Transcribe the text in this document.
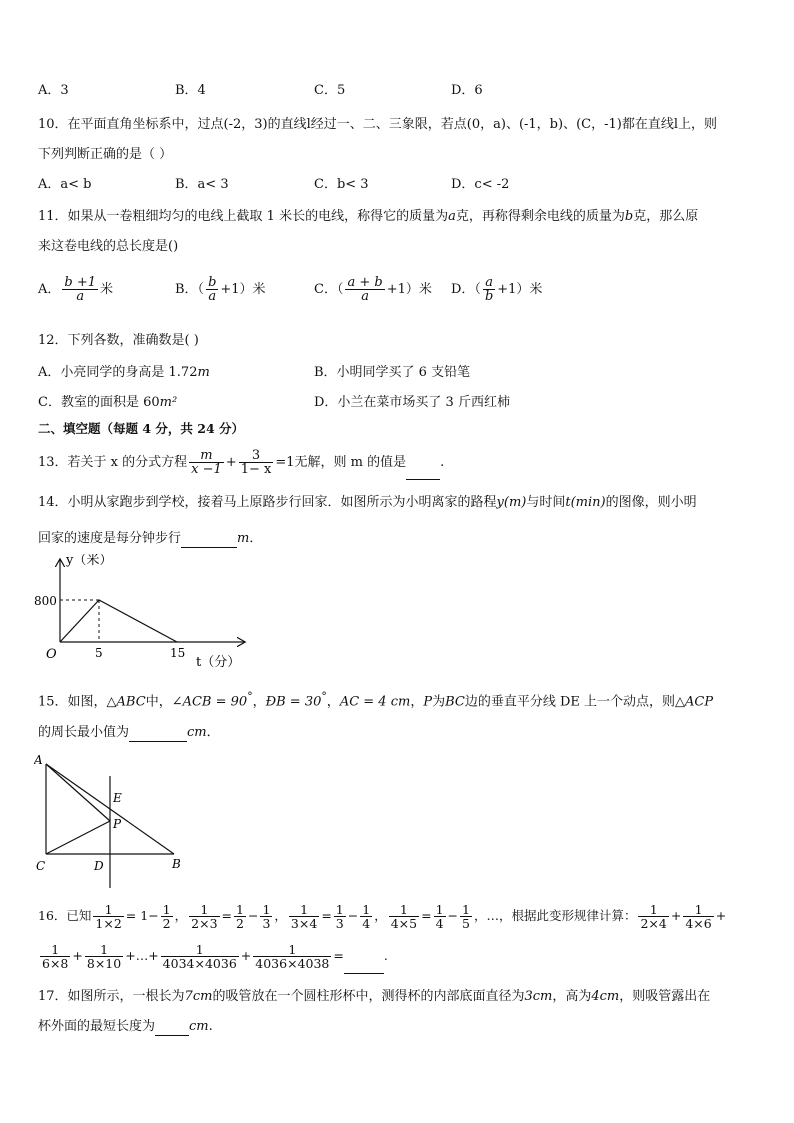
A．3	B．4	C．5	D．6
10．在平面直角坐标系中，过点(-2，3)的直线l经过一、二、三象限，若点(0，a)、(-1，b)、(C，-1)都在直线l上，则
下列判断正确的是（ ）
A．a< b	B．a< 3	C．b< 3	D．c< -2
11．如果从一卷粗细均匀的电线上截取 1 米长的电线，称得它的质量为a克，再称得剩余电线的质量为b克，那么原
来这卷电线的总长度是()
A． $\frac{b +1}{a}$ 米	B．（ $\frac{b}{a} +1$）米	C．（ $\frac{a + b}{a} +1$）米 D．（ $\frac{a}{b} +1$）米
12．下列各数，准确数是( )
A．小亮同学的身高是 1.72m	B．小明同学买了 6 支铅笔
C．教室的面积是 60m²	D．小兰在菜市场买了 3 斤西红柿
二、填空题（每题 4 分，共 24 分）
13．若关于 x 的分式方程 $\frac{m}{x -1} + \frac{3}{1- x} =1$无解，则 m 的值是	.
14．小明从家跑步到学校，接着马上原路步行回家．如图所示为小明离家的路程y(m)与时间t(min)的图像，则小明
回家的速度是每分钟步行	m．
y（米）
t（分）
O
800
5	15
15．如图，△ABC中，∠ACB = 90°，ÐB = 30°，AC = 4 cm，P为BC边的垂直平分线 DE 上一个动点，则△ACP
的周长最小值为	cm．
A
E
P
C	D	B
16．已知 $\frac{1}{1\times 2} = 1- \frac{1}{2}$ ， $\frac{1}{2\times 3} = \frac{1}{2} - \frac{1}{3}$ ， $\frac{1}{3\times 4} = \frac{1}{3} - \frac{1}{4}$ ， $\frac{1}{4\times 5} = \frac{1}{4} - \frac{1}{5}$ ，…，根据此变形规律计算： $\frac{1}{2\times 4} + \frac{1}{4\times 6}$ +
$\frac{1}{6\times 8} + \frac{1}{8\times 10}$ +…+ $\frac{1}{4034\times 4036} + \frac{1}{4036\times 4038}$ =	.
17．如图所示，一根长为7cm的吸管放在一个圆柱形杯中，测得杯的内部底面直径为3cm，高为4cm，则吸管露出在
杯外面的最短长度为	cm.
